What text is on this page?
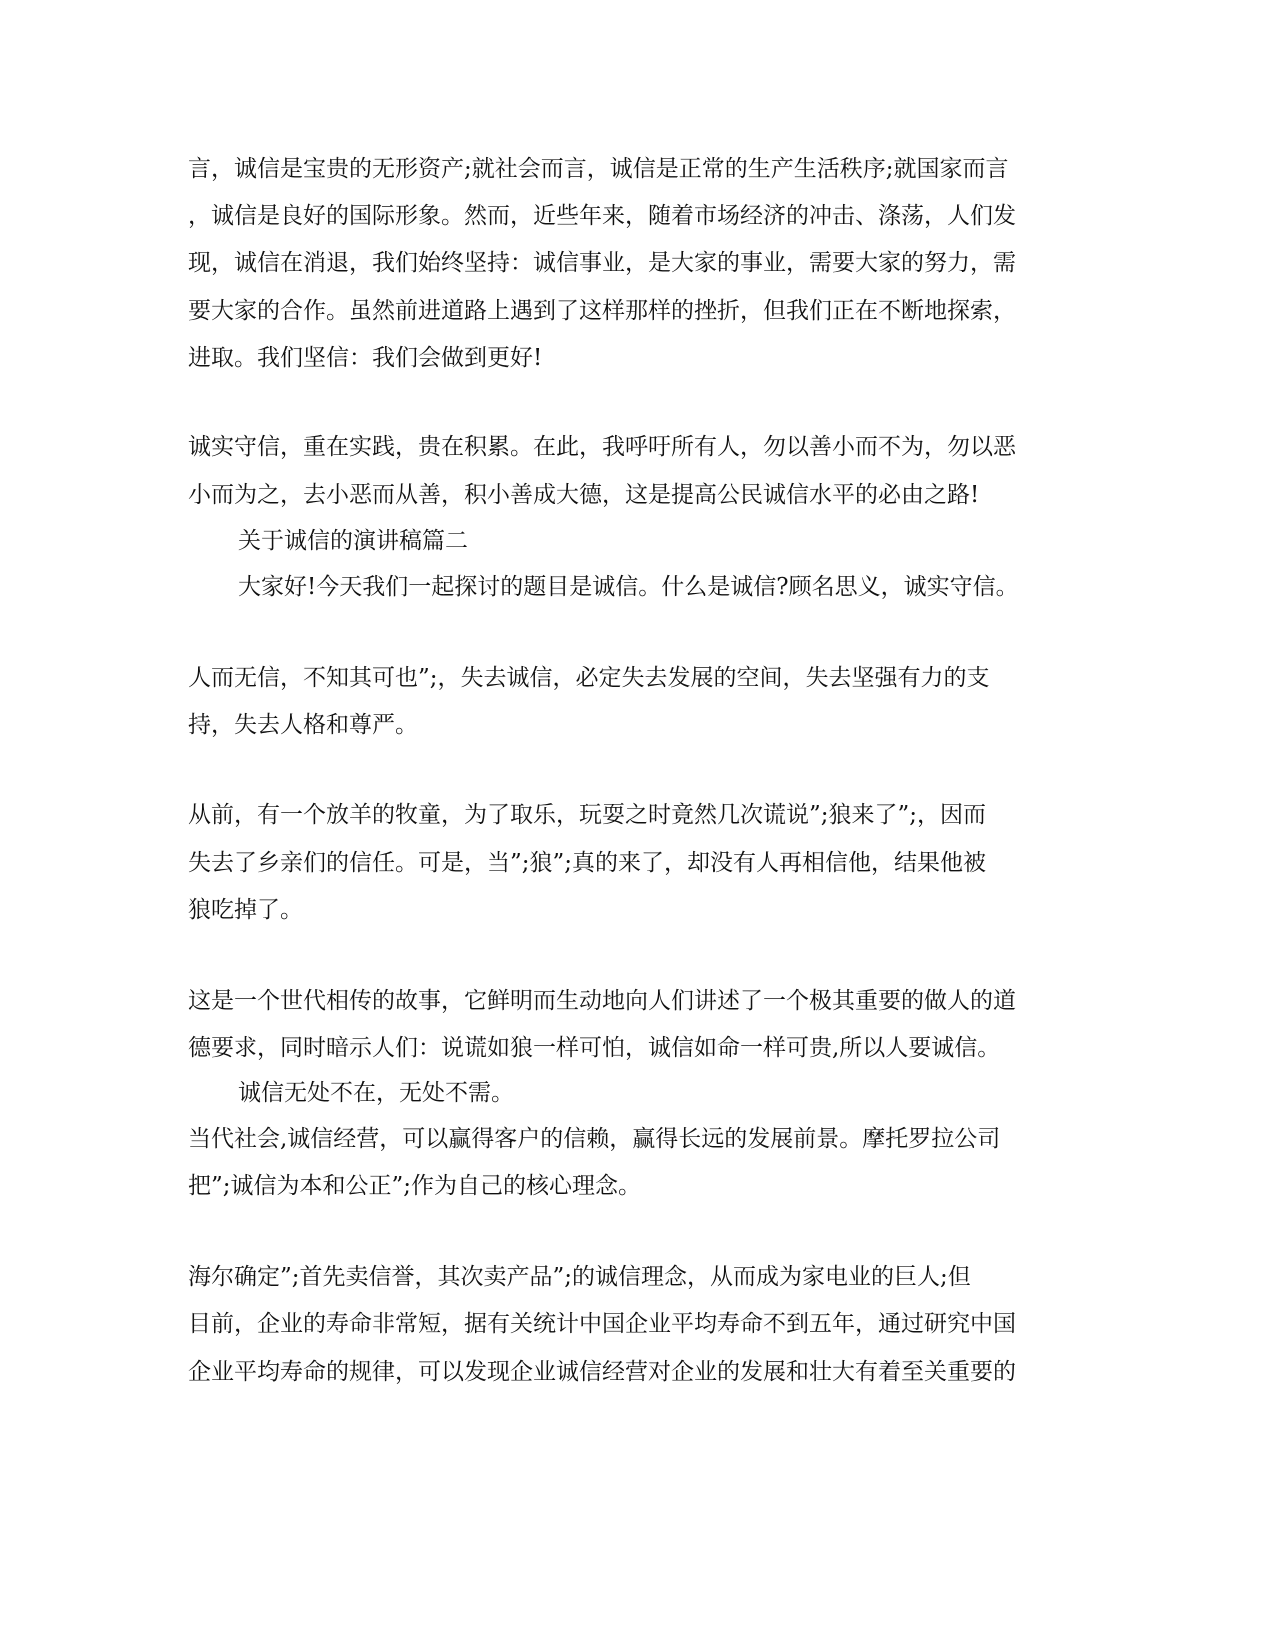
言，诚信是宝贵的无形资产;就社会而言，诚信是正常的生产生活秩序;就国家而言
，诚信是良好的国际形象。然而，近些年来，随着市场经济的冲击、涤荡，人们发
现，诚信在消退，我们始终坚持：诚信事业，是大家的事业，需要大家的努力，需
要大家的合作。虽然前进道路上遇到了这样那样的挫折，但我们正在不断地探索，
进取。我们坚信：我们会做到更好!
诚实守信，重在实践，贵在积累。在此，我呼吁所有人，勿以善小而不为，勿以恶
小而为之，去小恶而从善，积小善成大德，这是提高公民诚信水平的必由之路!
关于诚信的演讲稿篇二
大家好!今天我们一起探讨的题目是诚信。什么是诚信?顾名思义，诚实守信。
人而无信，不知其可也”;，失去诚信，必定失去发展的空间，失去坚强有力的支
持，失去人格和尊严。
从前，有一个放羊的牧童，为了取乐，玩耍之时竟然几次谎说”;狼来了”;，因而
失去了乡亲们的信任。可是，当”;狼”;真的来了，却没有人再相信他，结果他被
狼吃掉了。
这是一个世代相传的故事，它鲜明而生动地向人们讲述了一个极其重要的做人的道
德要求，同时暗示人们：说谎如狼一样可怕，诚信如命一样可贵,所以人要诚信。
诚信无处不在，无处不需。
当代社会,诚信经营，可以赢得客户的信赖，赢得长远的发展前景。摩托罗拉公司
把”;诚信为本和公正”;作为自己的核心理念。
海尔确定”;首先卖信誉，其次卖产品”;的诚信理念，从而成为家电业的巨人;但
目前，企业的寿命非常短，据有关统计中国企业平均寿命不到五年，通过研究中国
企业平均寿命的规律，可以发现企业诚信经营对企业的发展和壮大有着至关重要的
